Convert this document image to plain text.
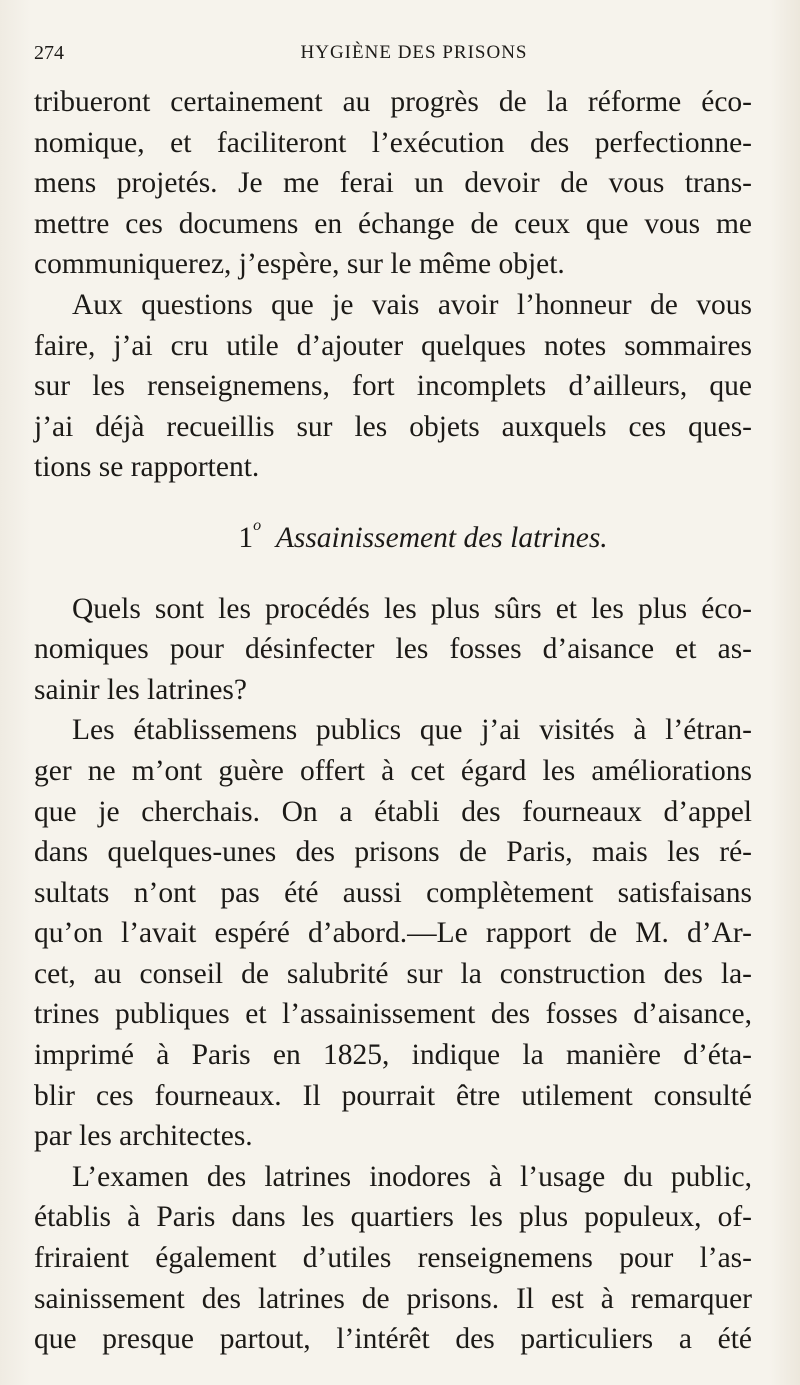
274	HYGIÈNE DES PRISONS
tribueront certainement au progrès de la réforme éco-
nomique, et faciliteront l’exécution des perfectionne-
mens projetés. Je me ferai un devoir de vous trans-
mettre ces documens en échange de ceux que vous me
communiquerez, j’espère, sur le même objet.
Aux questions que je vais avoir l’honneur de vous
faire, j’ai cru utile d’ajouter quelques notes sommaires
sur les renseignemens, fort incomplets d’ailleurs, que
j’ai déjà recueillis sur les objets auxquels ces ques-
tions se rapportent.
1$^o$ Assainissement des latrines.
Quels sont les procédés les plus sûrs et les plus éco-
nomiques pour désinfecter les fosses d’aisance et as-
sainir les latrines?
Les établissemens publics que j’ai visités à l’étran-
ger ne m’ont guère offert à cet égard les améliorations
que je cherchais. On a établi des fourneaux d’appel
dans quelques-unes des prisons de Paris, mais les ré-
sultats n’ont pas été aussi complètement satisfaisans
qu’on l’avait espéré d’abord.—Le rapport de M. d’Ar-
cet, au conseil de salubrité sur la construction des la-
trines publiques et l’assainissement des fosses d’aisance,
imprimé à Paris en 1825, indique la manière d’éta-
blir ces fourneaux. Il pourrait être utilement consulté
par les architectes.
L’examen des latrines inodores à l’usage du public,
établis à Paris dans les quartiers les plus populeux, of-
friraient également d’utiles renseignemens pour l’as-
sainissement des latrines de prisons. Il est à remarquer
que presque partout, l’intérêt des particuliers a été
